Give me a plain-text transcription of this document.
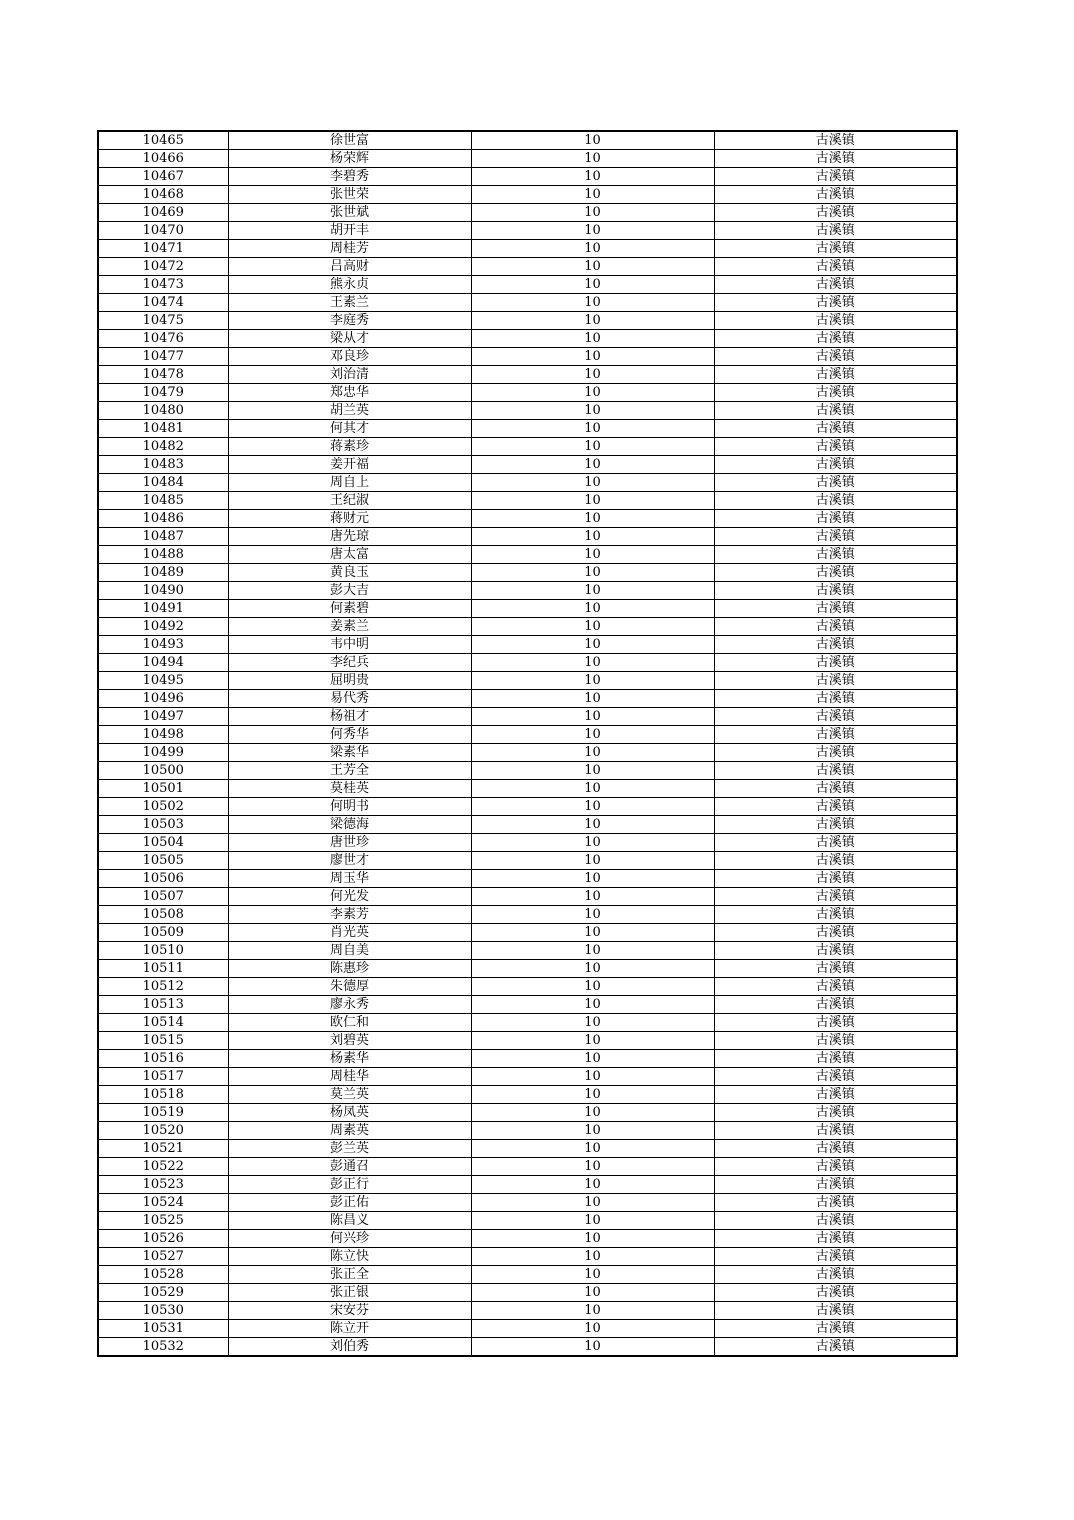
10465	徐世富	10	古溪镇
10466	杨荣辉	10	古溪镇
10467	李碧秀	10	古溪镇
10468	张世荣	10	古溪镇
10469	张世斌	10	古溪镇
10470	胡开丰	10	古溪镇
10471	周桂芳	10	古溪镇
10472	吕高财	10	古溪镇
10473	熊永贞	10	古溪镇
10474	王素兰	10	古溪镇
10475	李庭秀	10	古溪镇
10476	梁从才	10	古溪镇
10477	邓良珍	10	古溪镇
10478	刘治清	10	古溪镇
10479	郑忠华	10	古溪镇
10480	胡兰英	10	古溪镇
10481	何其才	10	古溪镇
10482	蒋素珍	10	古溪镇
10483	姜开福	10	古溪镇
10484	周自上	10	古溪镇
10485	王纪淑	10	古溪镇
10486	蒋财元	10	古溪镇
10487	唐先琼	10	古溪镇
10488	唐太富	10	古溪镇
10489	黄良玉	10	古溪镇
10490	彭大吉	10	古溪镇
10491	何素碧	10	古溪镇
10492	姜素兰	10	古溪镇
10493	韦中明	10	古溪镇
10494	李纪兵	10	古溪镇
10495	屈明贵	10	古溪镇
10496	易代秀	10	古溪镇
10497	杨祖才	10	古溪镇
10498	何秀华	10	古溪镇
10499	梁素华	10	古溪镇
10500	王芳全	10	古溪镇
10501	莫桂英	10	古溪镇
10502	何明书	10	古溪镇
10503	梁德海	10	古溪镇
10504	唐世珍	10	古溪镇
10505	廖世才	10	古溪镇
10506	周玉华	10	古溪镇
10507	何光发	10	古溪镇
10508	李素芳	10	古溪镇
10509	肖光英	10	古溪镇
10510	周自美	10	古溪镇
10511	陈惠珍	10	古溪镇
10512	朱德厚	10	古溪镇
10513	廖永秀	10	古溪镇
10514	欧仁和	10	古溪镇
10515	刘碧英	10	古溪镇
10516	杨素华	10	古溪镇
10517	周桂华	10	古溪镇
10518	莫兰英	10	古溪镇
10519	杨凤英	10	古溪镇
10520	周素英	10	古溪镇
10521	彭兰英	10	古溪镇
10522	彭通召	10	古溪镇
10523	彭正行	10	古溪镇
10524	彭正佑	10	古溪镇
10525	陈昌义	10	古溪镇
10526	何兴珍	10	古溪镇
10527	陈立快	10	古溪镇
10528	张正全	10	古溪镇
10529	张正银	10	古溪镇
10530	宋安芬	10	古溪镇
10531	陈立开	10	古溪镇
10532	刘伯秀	10	古溪镇
